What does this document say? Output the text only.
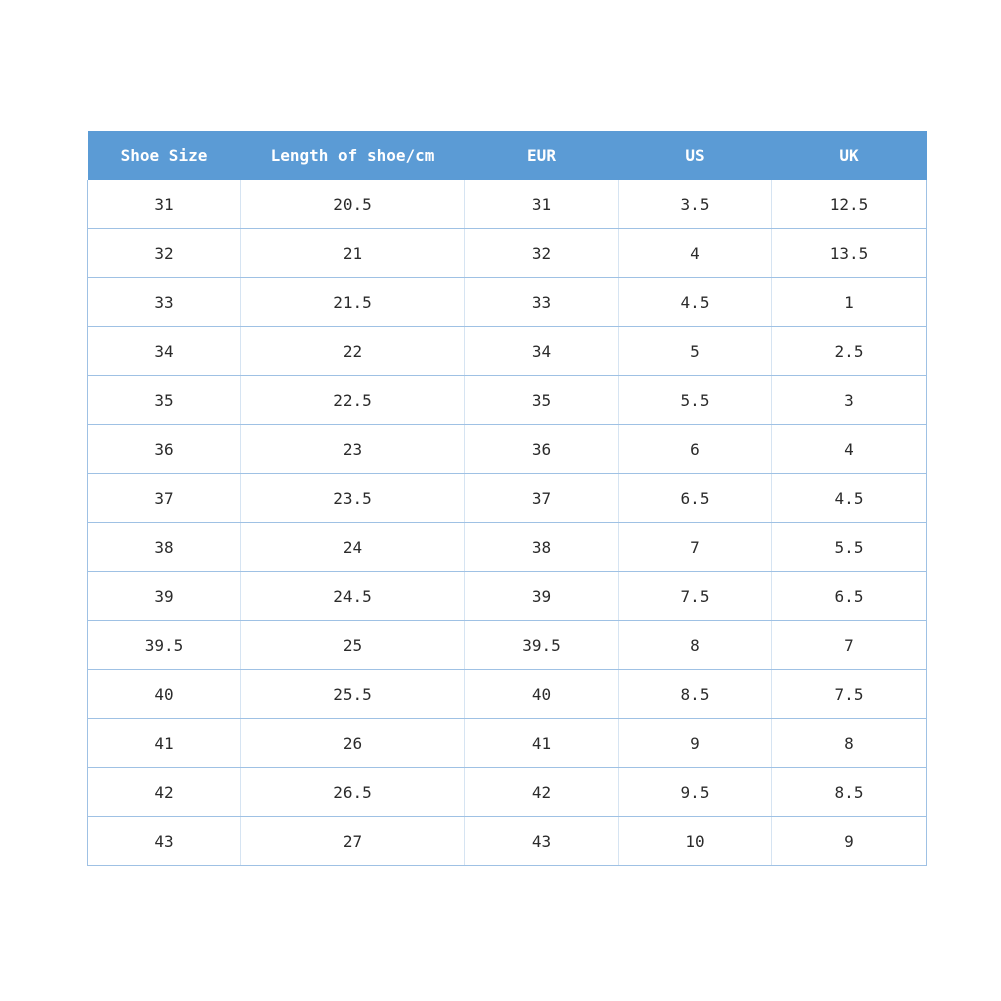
Shoe Size	Length of shoe/cm	EUR	US	UK
31	20.5	31	3.5	12.5
32	21	32	4	13.5
33	21.5	33	4.5	1
34	22	34	5	2.5
35	22.5	35	5.5	3
36	23	36	6	4
37	23.5	37	6.5	4.5
38	24	38	7	5.5
39	24.5	39	7.5	6.5
39.5	25	39.5	8	7
40	25.5	40	8.5	7.5
41	26	41	9	8
42	26.5	42	9.5	8.5
43	27	43	10	9
